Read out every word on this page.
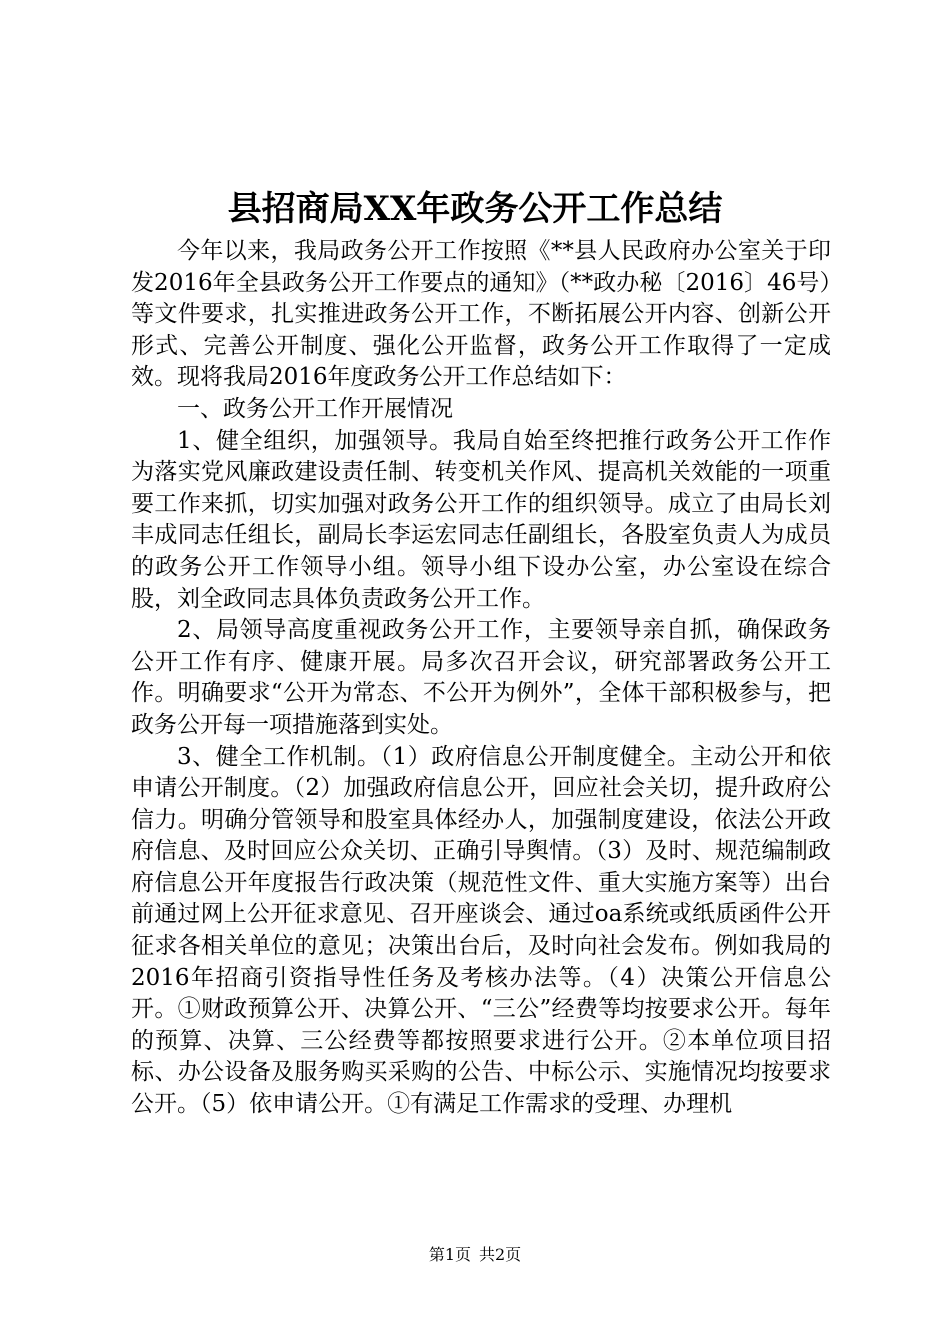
县招商局XX年政务公开工作总结

今年以来，我局政务公开工作按照《**县人民政府办公室关于印发2016年全县政务公开工作要点的通知》（**政办秘〔2016〕46号）等文件要求，扎实推进政务公开工作，不断拓展公开内容、创新公开形式、完善公开制度、强化公开监督，政务公开工作取得了一定成效。现将我局2016年度政务公开工作总结如下：

一、政务公开工作开展情况

1、健全组织，加强领导。我局自始至终把推行政务公开工作作为落实党风廉政建设责任制、转变机关作风、提高机关效能的一项重要工作来抓，切实加强对政务公开工作的组织领导。成立了由局长刘丰成同志任组长，副局长李运宏同志任副组长，各股室负责人为成员的政务公开工作领导小组。领导小组下设办公室，办公室设在综合股，刘全政同志具体负责政务公开工作。

2、局领导高度重视政务公开工作，主要领导亲自抓，确保政务公开工作有序、健康开展。局多次召开会议，研究部署政务公开工作。明确要求“公开为常态、不公开为例外”，全体干部积极参与，把政务公开每一项措施落到实处。

3、健全工作机制。（1）政府信息公开制度健全。主动公开和依申请公开制度。（2）加强政府信息公开，回应社会关切，提升政府公信力。明确分管领导和股室具体经办人，加强制度建设，依法公开政府信息、及时回应公众关切、正确引导舆情。（3）及时、规范编制政府信息公开年度报告行政决策（规范性文件、重大实施方案等）出台前通过网上公开征求意见、召开座谈会、通过oa系统或纸质函件公开征求各相关单位的意见；决策出台后，及时向社会发布。例如我局的2016年招商引资指导性任务及考核办法等。（4）决策公开信息公开。①财政预算公开、决算公开、“三公”经费等均按要求公开。每年的预算、决算、三公经费等都按照要求进行公开。②本单位项目招标、办公设备及服务购买采购的公告、中标公示、实施情况均按要求公开。（5）依申请公开。①有满足工作需求的受理、办理机

第1页 共2页
